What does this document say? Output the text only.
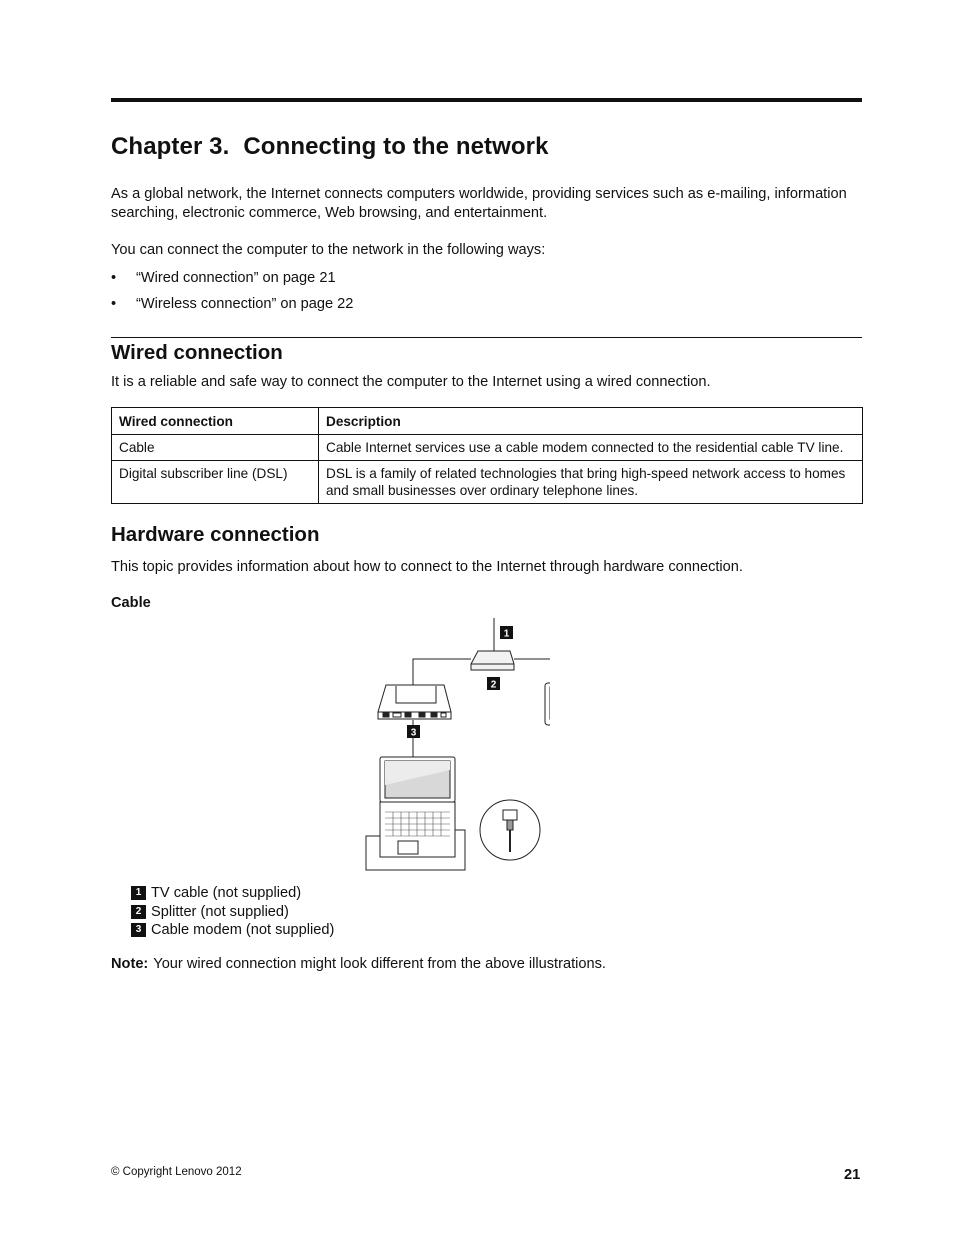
Chapter 3. Connecting to the network

As a global network, the Internet connects computers worldwide, providing services such as e-mailing, information searching, electronic commerce, Web browsing, and entertainment.

You can connect the computer to the network in the following ways:

• “Wired connection” on page 21
• “Wireless connection” on page 22
Wired connection

It is a reliable and safe way to connect the computer to the Internet using a wired connection.

Wired connection	Description
Cable	Cable Internet services use a cable modem connected to the residential cable TV line.
Digital subscriber line (DSL)	DSL is a family of related technologies that bring high-speed network access to homes and small businesses over ordinary telephone lines.
Hardware connection

This topic provides information about how to connect to the Internet through hardware connection.

Cable
1
2
3
1 TV cable (not supplied)
2 Splitter (not supplied)
3 Cable modem (not supplied)
Note: Your wired connection might look different from the above illustrations.
© Copyright Lenovo 2012	21
